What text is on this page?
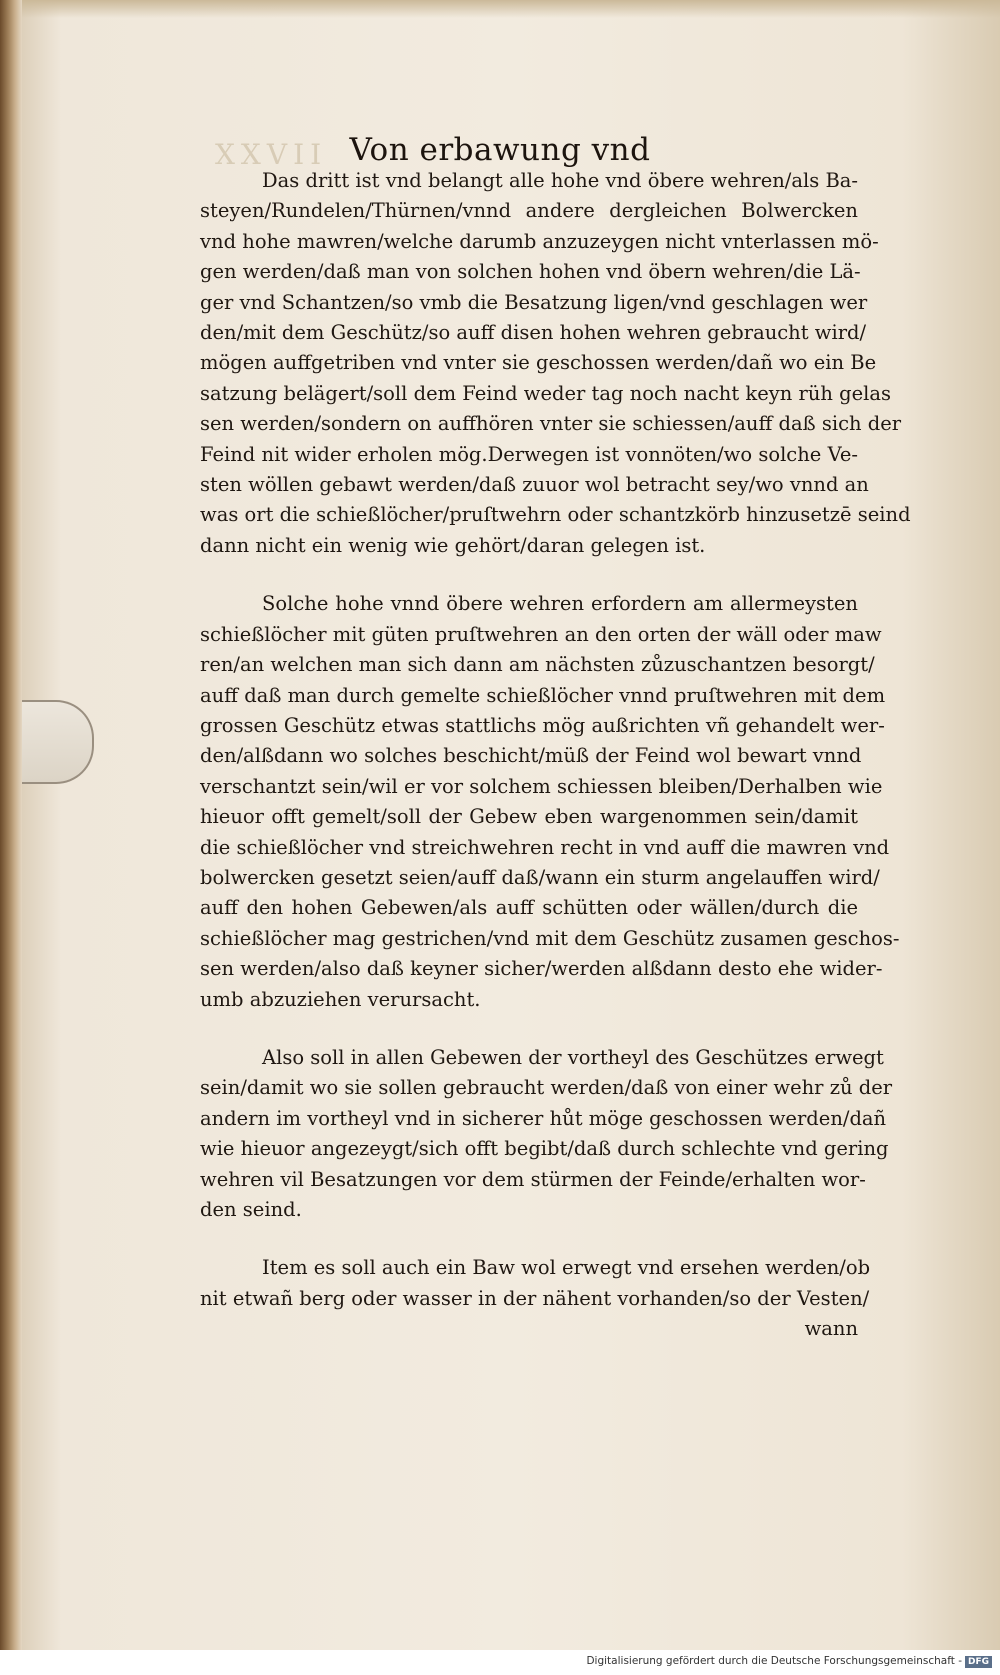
XXVII Von erbawung vnd
Das dritt ist vnd belangt alle hohe vnd öbere wehren/als Ba-
steyen/Rundelen/Thürnen/vnnd andere dergleichen Bolwercken
vnd hohe mawren/welche darumb anzuzeygen nicht vnterlassen mö-
gen werden/daß man von solchen hohen vnd öbern wehren/die Lä-
ger vnd Schantzen/so vmb die Besatzung ligen/vnd geschlagen wer
den/mit dem Geschütz/so auff disen hohen wehren gebraucht wird/
mögen auffgetriben vnd vnter sie geschossen werden/dañ wo ein Be
satzung belägert/soll dem Feind weder tag noch nacht keyn rüh gelas
sen werden/sondern on auffhören vnter sie schiessen/auff daß sich der
Feind nit wider erholen mög.Derwegen ist vonnöten/wo solche Ve-
sten wöllen gebawt werden/daß zuuor wol betracht sey/wo vnnd an
was ort die schießlöcher/pruſtwehrn oder schantzkörb hinzusetzē seind
dann nicht ein wenig wie gehört/daran gelegen ist.
Solche hohe vnnd öbere wehren erfordern am allermeysten
schießlöcher mit güten pruſtwehren an den orten der wäll oder maw
ren/an welchen man sich dann am nächsten zůzuschantzen besorgt/
auff daß man durch gemelte schießlöcher vnnd pruſtwehren mit dem
grossen Geschütz etwas stattlichs mög außrichten vñ gehandelt wer-
den/alßdann wo solches beschicht/müß der Feind wol bewart vnnd
verschantzt sein/wil er vor solchem schiessen bleiben/Derhalben wie
hieuor offt gemelt/soll der Gebew eben wargenommen sein/damit
die schießlöcher vnd streichwehren recht in vnd auff die mawren vnd
bolwercken gesetzt seien/auff daß/wann ein sturm angelauffen wird/
auff den hohen Gebewen/als auff schütten oder wällen/durch die
schießlöcher mag gestrichen/vnd mit dem Geschütz zusamen geschos-
sen werden/also daß keyner sicher/werden alßdann desto ehe wider-
umb abzuziehen verursacht.
Also soll in allen Gebewen der vortheyl des Geschützes erwegt
sein/damit wo sie sollen gebraucht werden/daß von einer wehr zů der
andern im vortheyl vnd in sicherer hůt möge geschossen werden/dañ
wie hieuor angezeygt/sich offt begibt/daß durch schlechte vnd gering
wehren vil Besatzungen vor dem stürmen der Feinde/erhalten wor-
den seind.
Item es soll auch ein Baw wol erwegt vnd ersehen werden/ob
nit etwañ berg oder wasser in der nähent vorhanden/so der Vesten/
wann
Digitalisierung gefördert durch die Deutsche Forschungsgemeinschaft - DFG
